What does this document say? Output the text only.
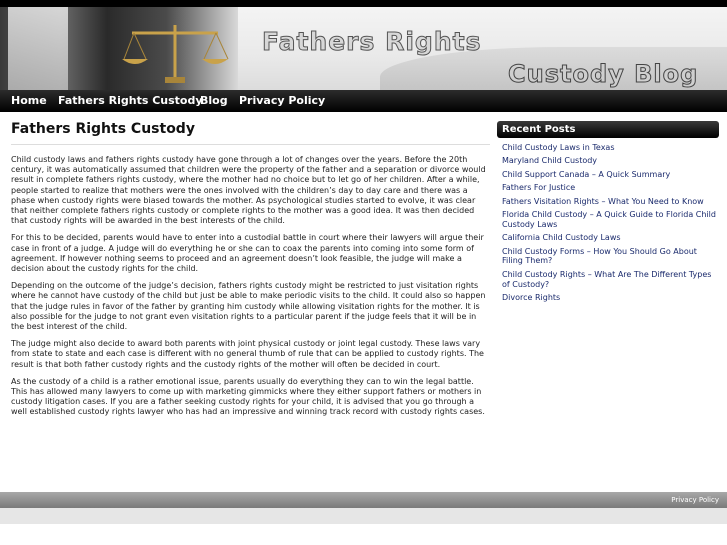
Fathers Rights
Custody Blog
Home Fathers Rights Custody
Blog Privacy Policy
Fathers Rights Custody

Child custody laws and fathers rights custody have gone through a lot of changes over the years. Before the 20th century, it was automatically assumed that children were the property of the father and a separation or divorce would result in complete fathers rights custody, where the mother had no choice but to let go of her children. After a while, people started to realize that mothers were the ones involved with the children’s day to day care and there was a phase when custody rights were biased towards the mother. As psychological studies started to evolve, it was clear that neither complete fathers rights custody or complete rights to the mother was a good idea. It was then decided that custody rights will be awarded in the best interests of the child.

For this to be decided, parents would have to enter into a custodial battle in court where their lawyers will argue their case in front of a judge. A judge will do everything he or she can to coax the parents into coming into some form of agreement. If however nothing seems to proceed and an agreement doesn’t look feasible, the judge will make a decision about the custody rights for the child.

Depending on the outcome of the judge’s decision, fathers rights custody might be restricted to just visitation rights where he cannot have custody of the child but just be able to make periodic visits to the child. It could also so happen that the judge rules in favor of the father by granting him custody while allowing visitation rights for the mother. It is also possible for the judge to not grant even visitation rights to a particular parent if the judge feels that it will be in the best interest of the child.

The judge might also decide to award both parents with joint physical custody or joint legal custody. These laws vary from state to state and each case is different with no general thumb of rule that can be applied to custody rights. The result is that both father custody rights and the custody rights of the mother will often be decided in court.

As the custody of a child is a rather emotional issue, parents usually do everything they can to win the legal battle. This has allowed many lawyers to come up with marketing gimmicks where they either support fathers or mothers in custody litigation cases. If you are a father seeking custody rights for your child, it is advised that you go through a well established custody rights lawyer who has had an impressive and winning track record with custody rights cases.

Recent Posts
Child Custody Laws in Texas
Maryland Child Custody
Child Support Canada – A Quick Summary
Fathers For Justice
Fathers Visitation Rights – What You Need to Know
Florida Child Custody – A Quick Guide to Florida Child Custody Laws
California Child Custody Laws
Child Custody Forms – How You Should Go About Filing Them?
Child Custody Rights – What Are The Different Types of Custody?
Divorce Rights
Privacy Policy
